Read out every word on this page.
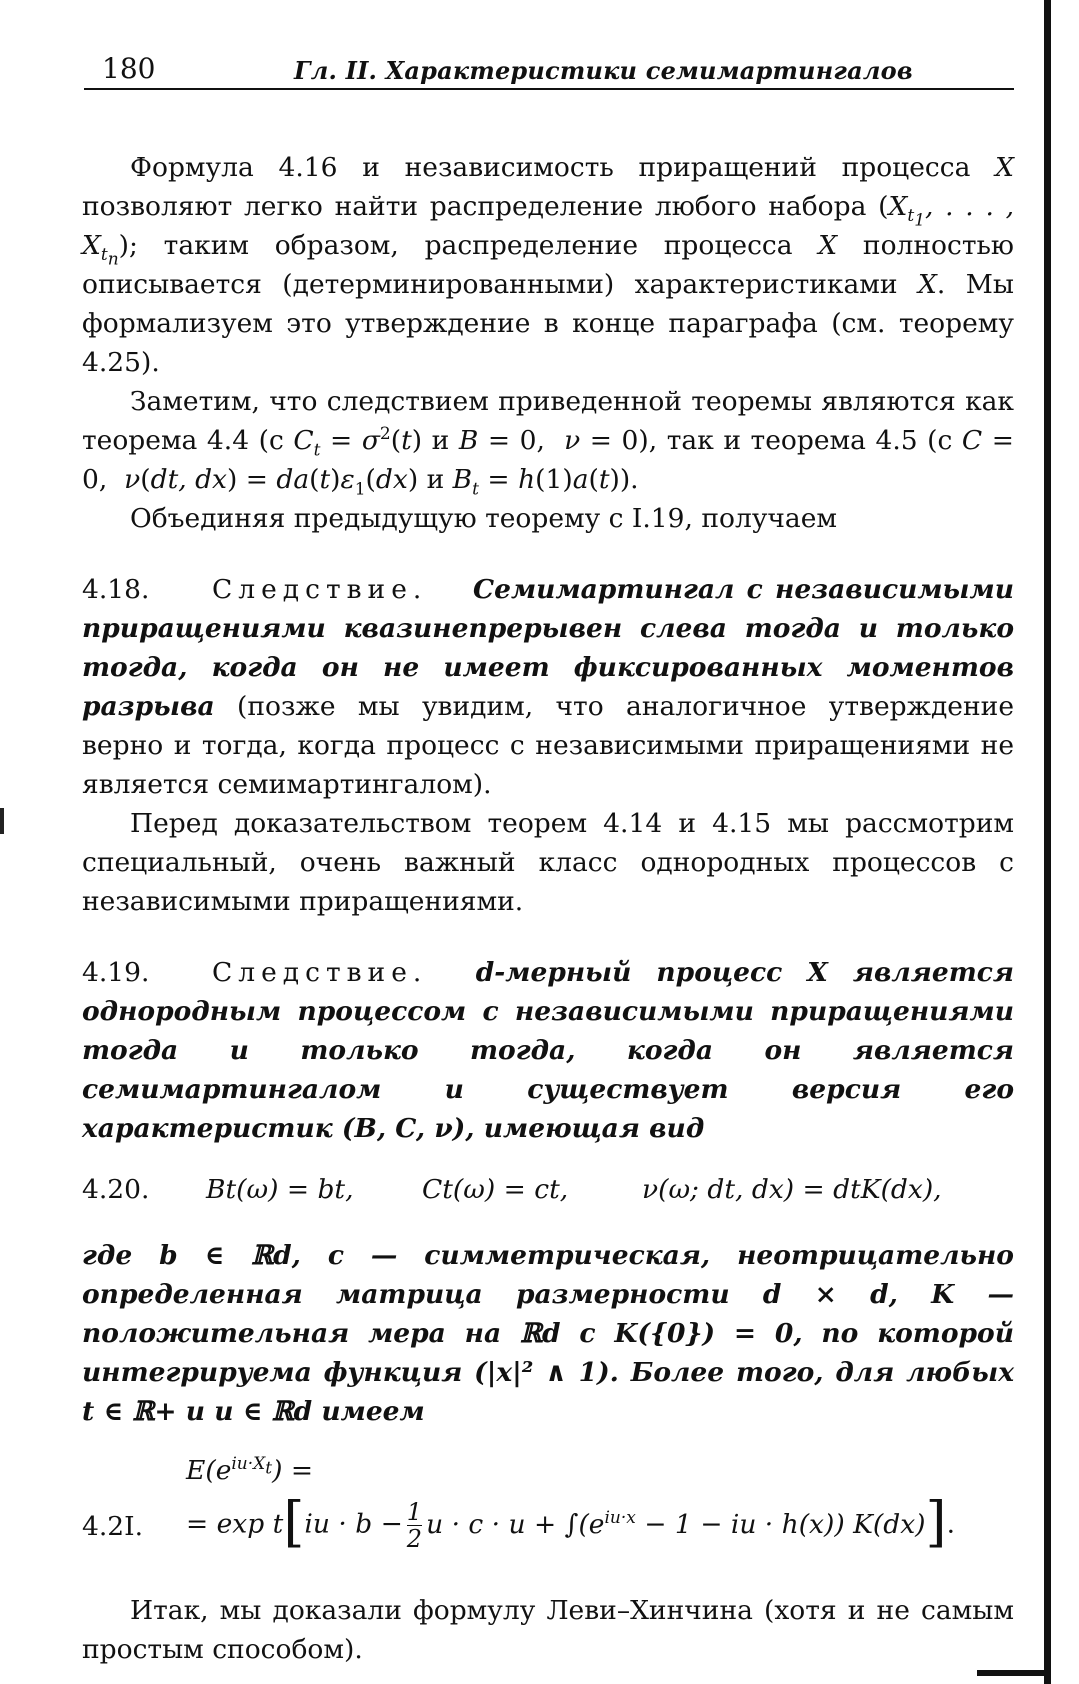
180	Гл. II. Характеристики семимартингалов

Формула 4.16 и независимость приращений процесса X позволяют легко найти распределение любого набора ($X_{t_1}$, . . . , $X_{t_n}$); таким образом, распределение процесса X полностью описывается (детерминированными) характеристиками X. Мы формализуем это утверждение в конце параграфа (см. теорему 4.25).

Заметим, что следствием приведенной теоремы являются как теорема 4.4 (с $C_t = \sigma^2(t)$ и B = 0,  ν = 0), так и теорема 4.5 (с C = 0,  ν(dt, $dx) = da(t)\varepsilon_1(dx)$ и $B_t = h(1)a(t)$).

Объединяя предыдущую теорему с I.19, получаем

4.18. Следствие. Семимартингал с независимыми приращениями квазинепрерывен слева тогда и только тогда, когда он не имеет фиксированных моментов разрыва (позже мы увидим, что аналогичное утверждение верно и тогда, когда процесс с независимыми приращениями не является семимартингалом).

Перед доказательством теорем 4.14 и 4.15 мы рассмотрим специальный, очень важный класс однородных процессов с независимыми приращениями.

4.19. Следствие. d-мерный процесс X является однородным процессом с независимыми приращениями тогда и только тогда, когда он является семимартингалом и существует версия его характеристик (B, C, ν), имеющая вид

4.20. Bt(ω) = bt,	Ct(ω) = ct,	ν(ω; dt, dx) = dtK(dx),

где b ∈ ℝd, c — симметрическая, неотрицательно определенная матрица размерности d × d, K — положительная мера на ℝd с K({0}) = 0, по которой интегрируема функция (|x|² ∧ 1). Более того, для любых t ∈ ℝ+ и u ∈ ℝd имеем

$E(e^{iu\cdot X_t})$ =
4.2I. = $\exp t[iu \cdot b - \frac{1}{2}$ $u \cdot c \cdot u + \int(e^{iu\cdot x} - 1$ − iu · h(x)) K(dx)].

Итак, мы доказали формулу Леви–Хинчина (хотя и не самым простым способом).
